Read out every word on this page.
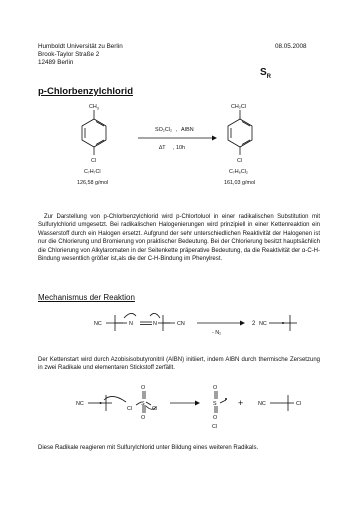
Humboldt Universität zu Berlin
Brook-Taylor Straße 2
12489 Berlin
08.05.2008
$S_R$
p-Chlorbenzylchlorid
$CH_3$
Cl
C₇H₇Cl
126,58 g/mol
SO₂Cl₂ , AIBN
∆T , 10h
CH₂Cl
Cl
C₇H₆Cl₂
161,03 g/mol
Zur Darstellung von p-Chlorbenzylchlorid wird p-Chlortoluol in einer radikalischen Substitution mit Sulfurylchlorid umgesetzt. Bei radikalischen Halogenierungen wird prinzipiell in einer Kettenreaktion ein Wasserstoff durch ein Halogen ersetzt. Aufgrund der sehr unterschiedlichen Reaktivität der Halogenen ist nur die Chlorierung und Bromierung von praktischer Bedeutung. Bei der Chlorierung besitzt hauptsächlich die Chlorierung von Alkylaromaten in der Seitenkette präperative Bedeutung, da die Reaktivität der α-C-H-Bindung wesentlich größer ist,als die der C-H-Bindung im Phenylrest.
Mechanismus der Reaktion
NC	N	N	CN
- N₂
2 NC
Der Kettenstart wird durch Azobisisobutyronitril (AIBN) initiiert, indem AIBN durch thermische Zersetzung in zwei Radikale und elementaren Stickstoff zerfällt.
NC
Cl
S
Cl
O
O
O
S
O
Cl
+	NC	Cl
Diese Radikale reagieren mit Sulfurylchlorid unter Bildung eines weiteren Radikals.
